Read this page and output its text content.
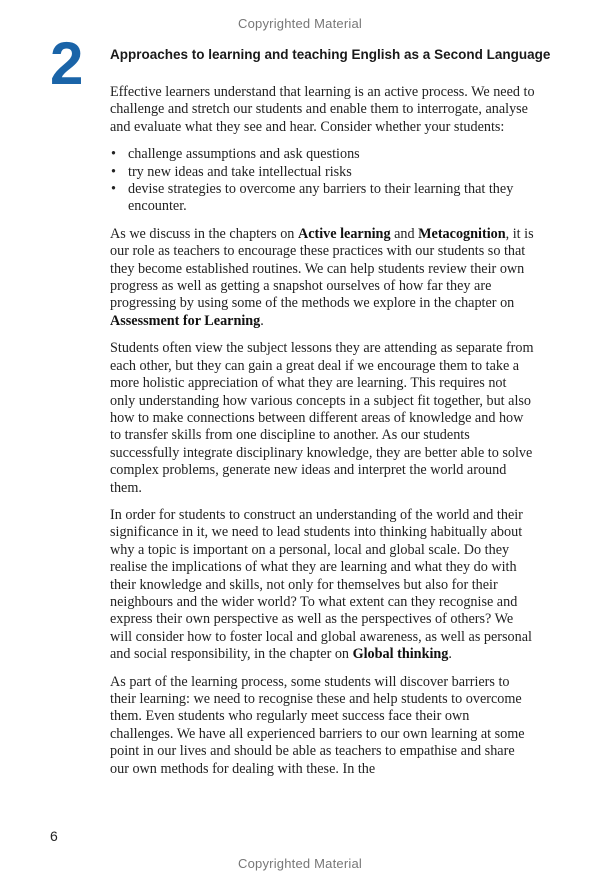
Copyrighted Material
2 Approaches to learning and teaching English as a Second Language

Effective learners understand that learning is an active process. We need to challenge and stretch our students and enable them to interrogate, analyse and evaluate what they see and hear. Consider whether your students:

• challenge assumptions and ask questions
• try new ideas and take intellectual risks
• devise strategies to overcome any barriers to their learning that they encounter.

As we discuss in the chapters on Active learning and Metacognition, it is our role as teachers to encourage these practices with our students so that they become established routines. We can help students review their own progress as well as getting a snapshot ourselves of how far they are progressing by using some of the methods we explore in the chapter on Assessment for Learning.

Students often view the subject lessons they are attending as separate from each other, but they can gain a great deal if we encourage them to take a more holistic appreciation of what they are learning. This requires not only understanding how various concepts in a subject fit together, but also how to make connections between different areas of knowledge and how to transfer skills from one discipline to another. As our students successfully integrate disciplinary knowledge, they are better able to solve complex problems, generate new ideas and interpret the world around them.

In order for students to construct an understanding of the world and their significance in it, we need to lead students into thinking habitually about why a topic is important on a personal, local and global scale. Do they realise the implications of what they are learning and what they do with their knowledge and skills, not only for themselves but also for their neighbours and the wider world? To what extent can they recognise and express their own perspective as well as the perspectives of others? We will consider how to foster local and global awareness, as well as personal and social responsibility, in the chapter on Global thinking.

As part of the learning process, some students will discover barriers to their learning: we need to recognise these and help students to overcome them. Even students who regularly meet success face their own challenges. We have all experienced barriers to our own learning at some point in our lives and should be able as teachers to empathise and share our own methods for dealing with these. In the

6
Copyrighted Material
